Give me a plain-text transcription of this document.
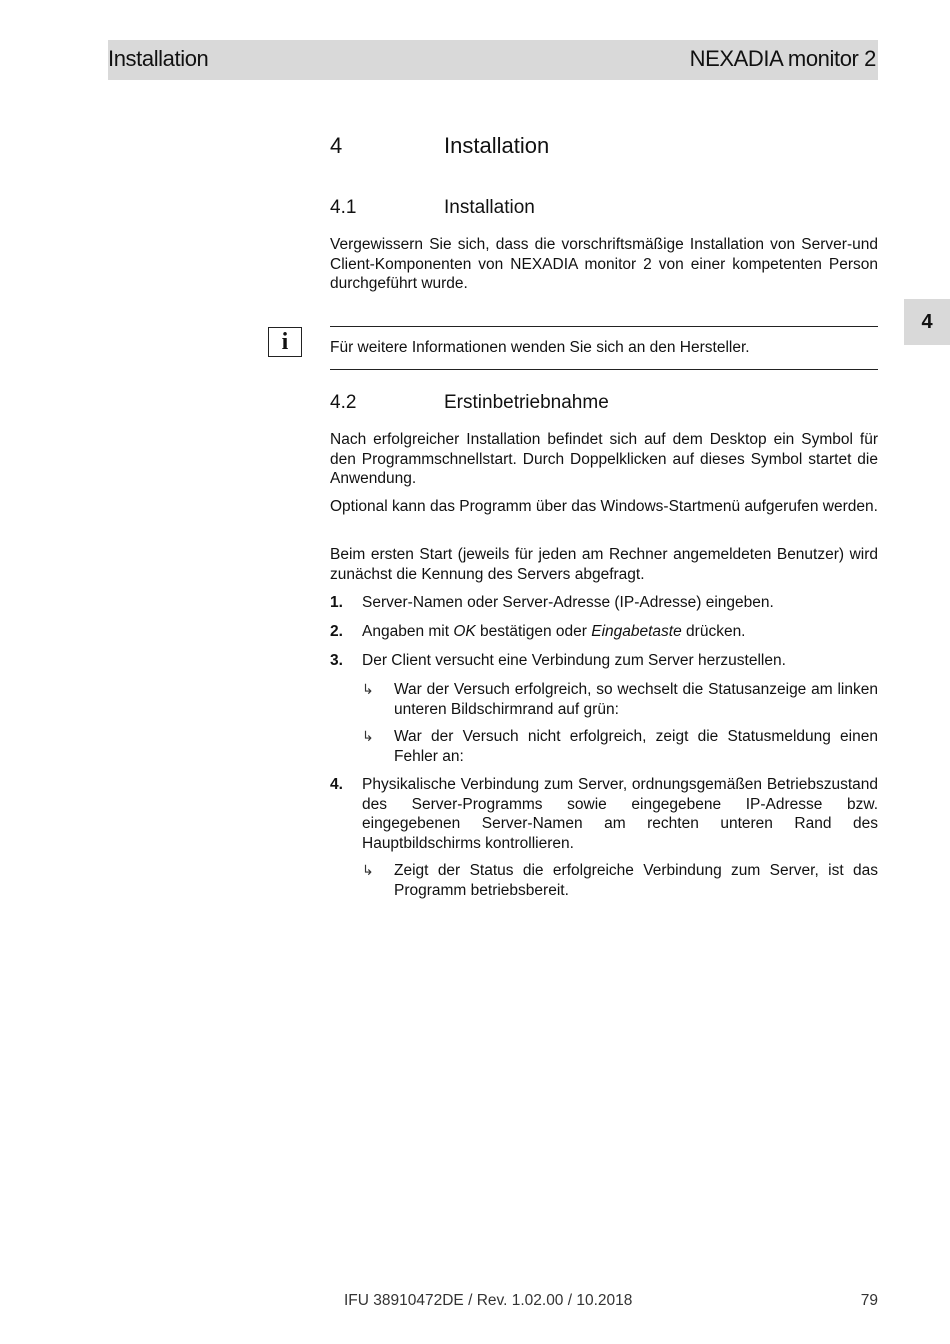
Installation	NEXADIA monitor 2
4
4	Installation
4.1	Installation

Vergewissern Sie sich, dass die vorschriftsmäßige Installation von Server-und Client-Komponenten von NEXADIA monitor 2 von einer kompetenten Person durchgeführt wurde.

i	Für weitere Informationen wenden Sie sich an den Hersteller.
4.2	Erstinbetriebnahme

Nach erfolgreicher Installation befindet sich auf dem Desktop ein Symbol für den Programmschnellstart. Durch Doppelklicken auf dieses Symbol startet die Anwendung.

Optional kann das Programm über das Windows-Startmenü aufgerufen werden.

Beim ersten Start (jeweils für jeden am Rechner angemeldeten Benutzer) wird zunächst die Kennung des Servers abgefragt.

1. Server-Namen oder Server-Adresse (IP-Adresse) eingeben.
2. Angaben mit OK bestätigen oder Eingabetaste drücken.
3. Der Client versucht eine Verbindung zum Server herzustellen.
↳ War der Versuch erfolgreich, so wechselt die Statusanzeige am linken unteren Bildschirmrand auf grün:
↳ War der Versuch nicht erfolgreich, zeigt die Statusmeldung einen Fehler an:
4. Physikalische Verbindung zum Server, ordnungsgemäßen Betriebszustand des Server-Programms sowie eingegebene IP-Adresse bzw. eingegebenen Server-Namen am rechten unteren Rand des Hauptbildschirms kontrollieren.
↳ Zeigt der Status die erfolgreiche Verbindung zum Server, ist das Programm betriebsbereit.
IFU 38910472DE / Rev. 1.02.00 / 10.2018	79
